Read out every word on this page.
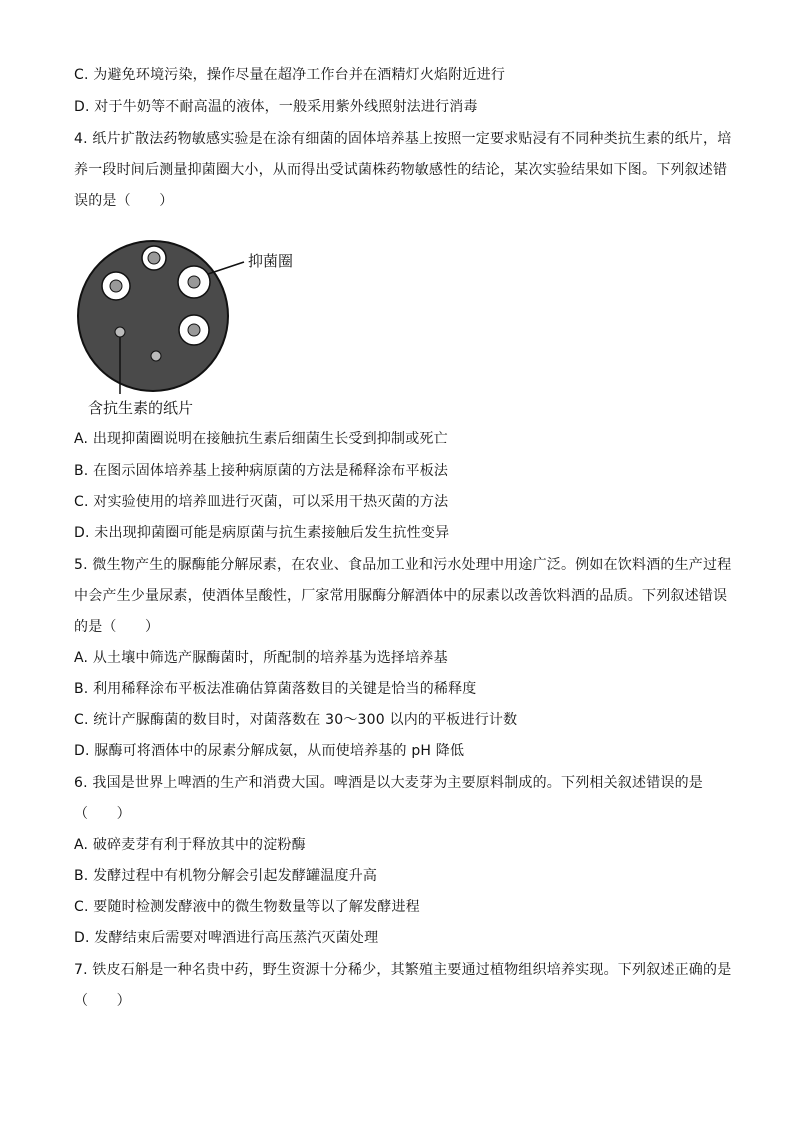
C. 为避免环境污染，操作尽量在超净工作台并在酒精灯火焰附近进行
D. 对于牛奶等不耐高温的液体，一般采用紫外线照射法进行消毒
4. 纸片扩散法药物敏感实验是在涂有细菌的固体培养基上按照一定要求贴浸有不同种类抗生素的纸片，培
养一段时间后测量抑菌圈大小，从而得出受试菌株药物敏感性的结论，某次实验结果如下图。下列叙述错
误的是（　　）
抑菌圈
含抗生素的纸片
A. 出现抑菌圈说明在接触抗生素后细菌生长受到抑制或死亡
B. 在图示固体培养基上接种病原菌的方法是稀释涂布平板法
C. 对实验使用的培养皿进行灭菌，可以采用干热灭菌的方法
D. 未出现抑菌圈可能是病原菌与抗生素接触后发生抗性变异
5. 微生物产生的脲酶能分解尿素，在农业、食品加工业和污水处理中用途广泛。例如在饮料酒的生产过程
中会产生少量尿素，使酒体呈酸性，厂家常用脲酶分解酒体中的尿素以改善饮料酒的品质。下列叙述错误
的是（　　）
A. 从土壤中筛选产脲酶菌时，所配制的培养基为选择培养基
B. 利用稀释涂布平板法准确估算菌落数目的关键是恰当的稀释度
C. 统计产脲酶菌的数目时，对菌落数在 30～300 以内的平板进行计数
D. 脲酶可将酒体中的尿素分解成氨，从而使培养基的 pH 降低
6. 我国是世界上啤酒的生产和消费大国。啤酒是以大麦芽为主要原料制成的。下列相关叙述错误的是
（　　）
A. 破碎麦芽有利于释放其中的淀粉酶
B. 发酵过程中有机物分解会引起发酵罐温度升高
C. 要随时检测发酵液中的微生物数量等以了解发酵进程
D. 发酵结束后需要对啤酒进行高压蒸汽灭菌处理
7. 铁皮石斛是一种名贵中药，野生资源十分稀少，其繁殖主要通过植物组织培养实现。下列叙述正确的是
（　　）
